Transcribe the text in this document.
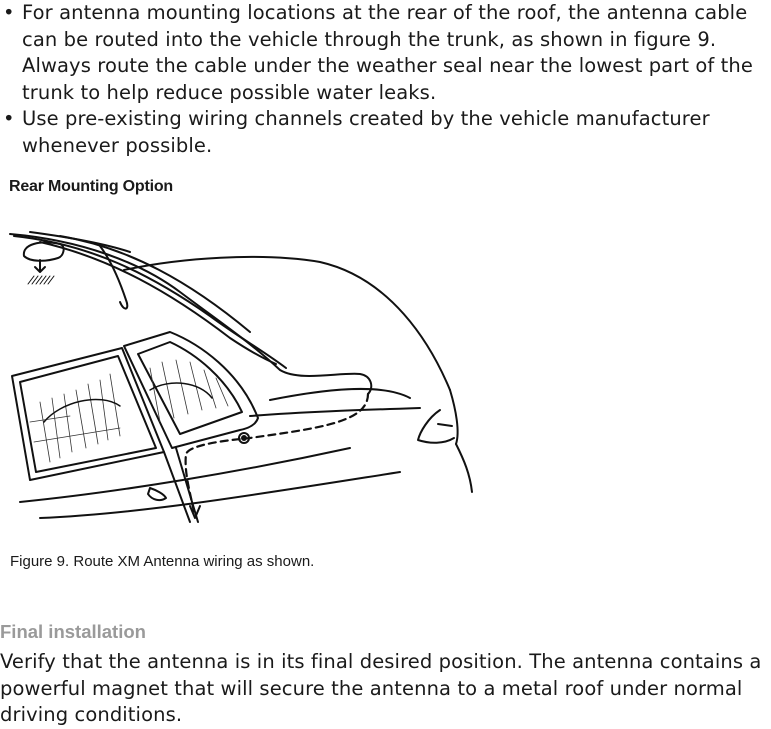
• For antenna mounting locations at the rear of the roof, the antenna cable can be routed into the vehicle through the trunk, as shown in figure 9. Always route the cable under the weather seal near the lowest part of the trunk to help reduce possible water leaks.
• Use pre-existing wiring channels created by the vehicle manufacturer whenever possible.
Rear Mounting Option
Figure 9. Route XM Antenna wiring as shown.
Final installation
Verify that the antenna is in its final desired position. The antenna contains a powerful magnet that will secure the antenna to a metal roof under normal driving conditions.
